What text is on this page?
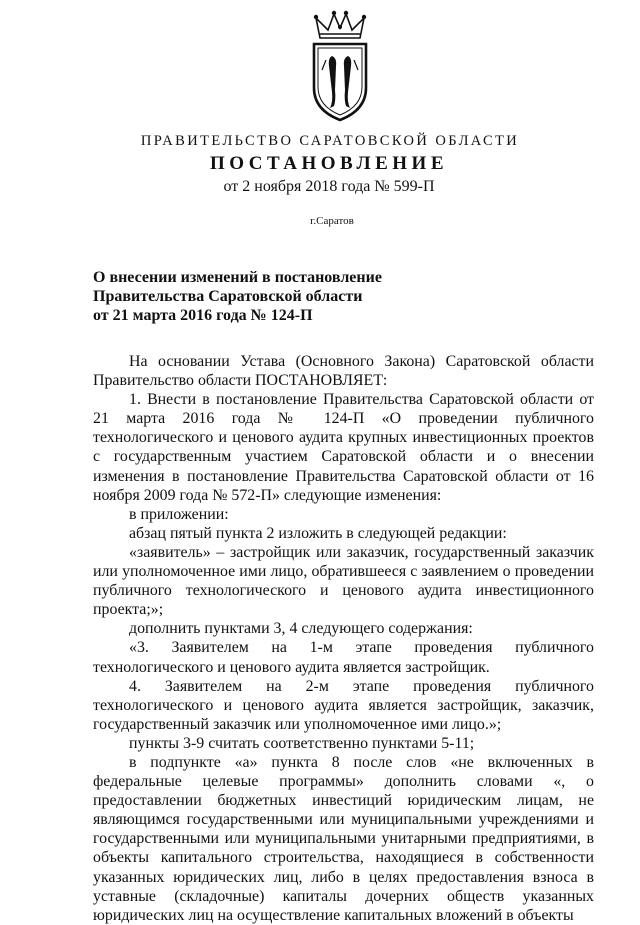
ПРАВИТЕЛЬСТВО САРАТОВСКОЙ ОБЛАСТИ
ПОСТАНОВЛЕНИЕ
от 2 ноября 2018 года № 599-П
г.Саратов
О внесении изменений в постановление
Правительства Саратовской области
от 21 марта 2016 года № 124-П

На основании Устава (Основного Закона) Саратовской области Правительство области ПОСТАНОВЛЯЕТ:

1. Внести в постановление Правительства Саратовской области от 21 марта 2016 года № 124-П «О проведении публичного технологического и ценового аудита крупных инвестиционных проектов с государственным участием Саратовской области и о внесении изменения в постановление Правительства Саратовской области от 16 ноября 2009 года № 572-П» следующие изменения:

в приложении:

абзац пятый пункта 2 изложить в следующей редакции:

«заявитель» – застройщик или заказчик, государственный заказчик или уполномоченное ими лицо, обратившееся с заявлением о проведении публичного технологического и ценового аудита инвестиционного проекта;»;

дополнить пунктами 3, 4 следующего содержания:

«3. Заявителем на 1-м этапе проведения публичного технологического и ценового аудита является застройщик.

4. Заявителем на 2-м этапе проведения публичного технологического и ценового аудита является застройщик, заказчик, государственный заказчик или уполномоченное ими лицо.»;

пункты 3-9 считать соответственно пунктами 5-11;

в подпункте «а» пункта 8 после слов «не включенных в федеральные целевые программы» дополнить словами «, о предоставлении бюджетных инвестиций юридическим лицам, не являющимся государственными или муниципальными учреждениями и государственными или муниципальными унитарными предприятиями, в объекты капитального строительства, находящиеся в собственности указанных юридических лиц, либо в целях предоставления взноса в уставные (складочные) капиталы дочерних обществ указанных юридических лиц на осуществление капитальных вложений в объекты
